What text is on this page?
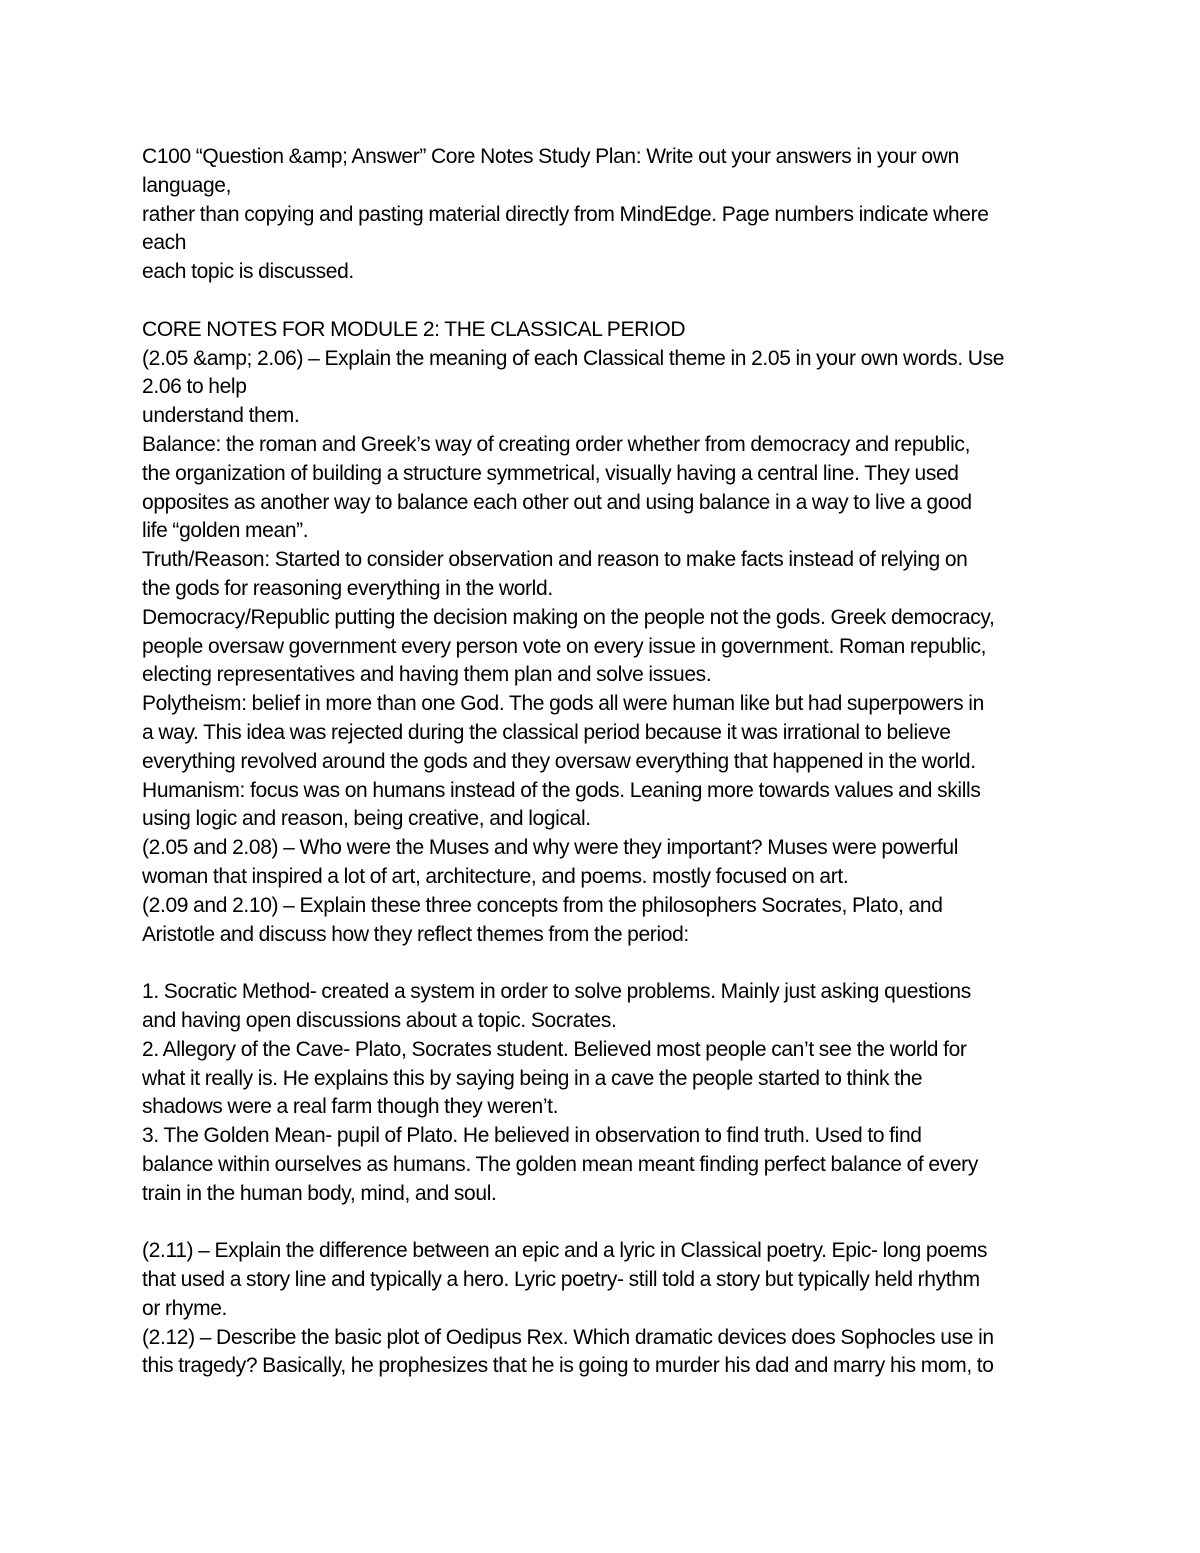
C100 “Question &amp; Answer” Core Notes Study Plan: Write out your answers in your own
language,
rather than copying and pasting material directly from MindEdge. Page numbers indicate where
each
each topic is discussed.
CORE NOTES FOR MODULE 2: THE CLASSICAL PERIOD
(2.05 &amp; 2.06) – Explain the meaning of each Classical theme in 2.05 in your own words. Use
2.06 to help
understand them.
Balance: the roman and Greek’s way of creating order whether from democracy and republic,
the organization of building a structure symmetrical, visually having a central line. They used
opposites as another way to balance each other out and using balance in a way to live a good
life “golden mean”.
Truth/Reason: Started to consider observation and reason to make facts instead of relying on
the gods for reasoning everything in the world.
Democracy/Republic putting the decision making on the people not the gods. Greek democracy,
people oversaw government every person vote on every issue in government. Roman republic,
electing representatives and having them plan and solve issues.
Polytheism: belief in more than one God. The gods all were human like but had superpowers in
a way. This idea was rejected during the classical period because it was irrational to believe
everything revolved around the gods and they oversaw everything that happened in the world.
Humanism: focus was on humans instead of the gods. Leaning more towards values and skills
using logic and reason, being creative, and logical.
(2.05 and 2.08) – Who were the Muses and why were they important? Muses were powerful
woman that inspired a lot of art, architecture, and poems. mostly focused on art.
(2.09 and 2.10) – Explain these three concepts from the philosophers Socrates, Plato, and
Aristotle and discuss how they reflect themes from the period:
1. Socratic Method- created a system in order to solve problems. Mainly just asking questions
and having open discussions about a topic. Socrates.
2. Allegory of the Cave- Plato, Socrates student. Believed most people can’t see the world for
what it really is. He explains this by saying being in a cave the people started to think the
shadows were a real farm though they weren’t.
3. The Golden Mean- pupil of Plato. He believed in observation to find truth. Used to find
balance within ourselves as humans. The golden mean meant finding perfect balance of every
train in the human body, mind, and soul.
(2.11) – Explain the difference between an epic and a lyric in Classical poetry. Epic- long poems
that used a story line and typically a hero. Lyric poetry- still told a story but typically held rhythm
or rhyme.
(2.12) – Describe the basic plot of Oedipus Rex. Which dramatic devices does Sophocles use in
this tragedy? Basically, he prophesizes that he is going to murder his dad and marry his mom, to
